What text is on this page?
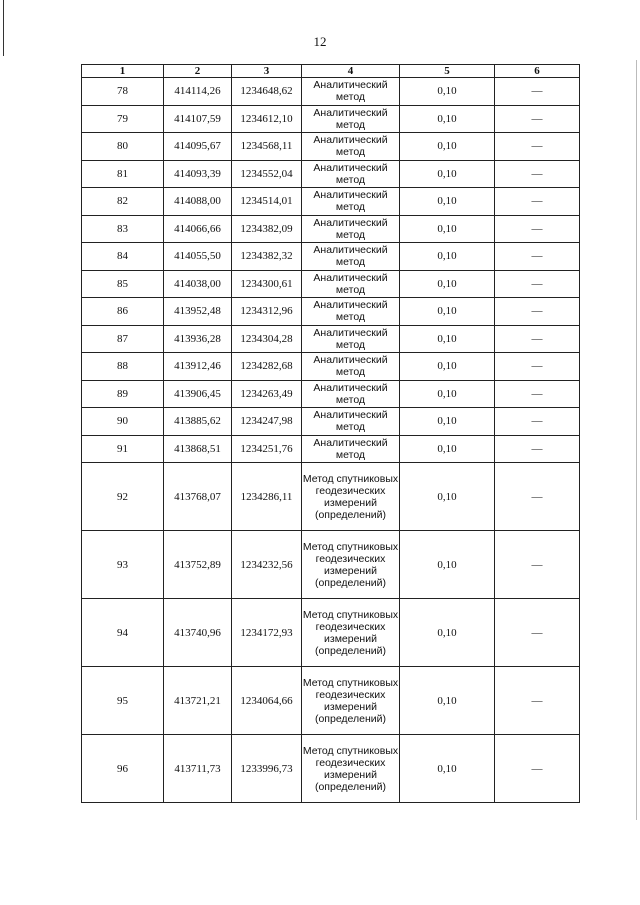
12
1	2	3	4	5	6
78	414114,26	1234648,62	Аналитический метод	0,10	—
79	414107,59	1234612,10	Аналитический метод	0,10	—
80	414095,67	1234568,11	Аналитический метод	0,10	—
81	414093,39	1234552,04	Аналитический метод	0,10	—
82	414088,00	1234514,01	Аналитический метод	0,10	—
83	414066,66	1234382,09	Аналитический метод	0,10	—
84	414055,50	1234382,32	Аналитический метод	0,10	—
85	414038,00	1234300,61	Аналитический метод	0,10	—
86	413952,48	1234312,96	Аналитический метод	0,10	—
87	413936,28	1234304,28	Аналитический метод	0,10	—
88	413912,46	1234282,68	Аналитический метод	0,10	—
89	413906,45	1234263,49	Аналитический метод	0,10	—
90	413885,62	1234247,98	Аналитический метод	0,10	—
91	413868,51	1234251,76	Аналитический метод	0,10	—
92	413768,07	1234286,11	Метод спутниковых геодезических измерений (определений)	0,10	—
93	413752,89	1234232,56	Метод спутниковых геодезических измерений (определений)	0,10	—
94	413740,96	1234172,93	Метод спутниковых геодезических измерений (определений)	0,10	—
95	413721,21	1234064,66	Метод спутниковых геодезических измерений (определений)	0,10	—
96	413711,73	1233996,73	Метод спутниковых геодезических измерений (определений)	0,10	—
